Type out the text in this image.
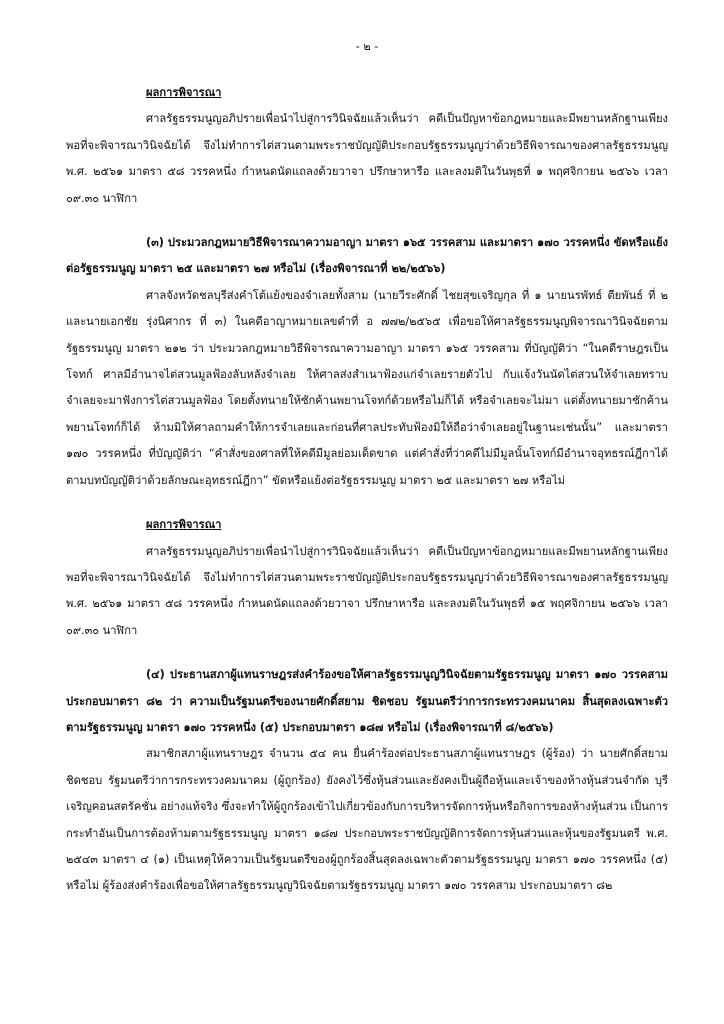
- ๒ -

ผลการพิจารณา

ศาลรัฐธรรมนูญอภิปรายเพื่อนำไปสู่การวินิจฉัยแล้วเห็นว่า คดีเป็นปัญหาข้อกฎหมายและมีพยานหลักฐานเพียงพอที่จะพิจารณาวินิจฉัยได้ จึงไม่ทำการไต่สวนตามพระราชบัญญัติประกอบรัฐธรรมนูญว่าด้วยวิธีพิจารณาของศาลรัฐธรรมนูญ พ.ศ. ๒๕๖๑ มาตรา ๕๘ วรรคหนึ่ง กำหนดนัดแถลงด้วยวาจา ปรึกษาหารือ และลงมติในวันพุธที่ ๑ พฤศจิกายน ๒๕๖๖ เวลา ๐๙.๓๐ นาฬิกา

(๓) ประมวลกฎหมายวิธีพิจารณาความอาญา มาตรา ๑๖๕ วรรคสาม และมาตรา ๑๗๐ วรรคหนึ่ง ขัดหรือแย้งต่อรัฐธรรมนูญ มาตรา ๒๕ และมาตรา ๒๗ หรือไม่ (เรื่องพิจารณาที่ ๒๒/๒๕๖๖)

ศาลจังหวัดชลบุรีส่งคำโต้แย้งของจำเลยทั้งสาม (นายวีระศักดิ์ ไชยสุขเจริญกุล ที่ ๑ นายนรพัทธ์ ตียพันธ์ ที่ ๒ และนายเอกชัย รุ่งนิศากร ที่ ๓) ในคดีอาญาหมายเลขดำที่ อ ๗๗๒/๒๕๖๕ เพื่อขอให้ศาลรัฐธรรมนูญพิจารณาวินิจฉัยตามรัฐธรรมนูญ มาตรา ๒๑๒ ว่า ประมวลกฎหมายวิธีพิจารณาความอาญา มาตรา ๑๖๕ วรรคสาม ที่บัญญัติว่า “ในคดีราษฎรเป็นโจทก์ ศาลมีอำนาจไต่สวนมูลฟ้องลับหลังจำเลย ให้ศาลส่งสำเนาฟ้องแก่จำเลยรายตัวไป กับแจ้งวันนัดไต่สวนให้จำเลยทราบ จำเลยจะมาฟังการไต่สวนมูลฟ้อง โดยตั้งทนายให้ซักค้านพยานโจทก์ด้วยหรือไม่ก็ได้ หรือจำเลยจะไม่มา แต่ตั้งทนายมาซักค้านพยานโจทก์ก็ได้ ห้ามมิให้ศาลถามคำให้การจำเลยและก่อนที่ศาลประทับฟ้องมิให้ถือว่าจำเลยอยู่ในฐานะเช่นนั้น” และมาตรา ๑๗๐ วรรคหนึ่ง ที่บัญญัติว่า “คำสั่งของศาลที่ให้คดีมีมูลย่อมเด็ดขาด แต่คำสั่งที่ว่าคดีไม่มีมูลนั้นโจทก์มีอำนาจอุทธรณ์ฎีกาได้ตามบทบัญญัติว่าด้วยลักษณะอุทธรณ์ฎีกา” ขัดหรือแย้งต่อรัฐธรรมนูญ มาตรา ๒๕ และมาตรา ๒๗ หรือไม่

ผลการพิจารณา

ศาลรัฐธรรมนูญอภิปรายเพื่อนำไปสู่การวินิจฉัยแล้วเห็นว่า คดีเป็นปัญหาข้อกฎหมายและมีพยานหลักฐานเพียงพอที่จะพิจารณาวินิจฉัยได้ จึงไม่ทำการไต่สวนตามพระราชบัญญัติประกอบรัฐธรรมนูญว่าด้วยวิธีพิจารณาของศาลรัฐธรรมนูญ พ.ศ. ๒๕๖๑ มาตรา ๕๘ วรรคหนึ่ง กำหนดนัดแถลงด้วยวาจา ปรึกษาหารือ และลงมติในวันพุธที่ ๑๕ พฤศจิกายน ๒๕๖๖ เวลา ๐๙.๓๐ นาฬิกา

(๔) ประธานสภาผู้แทนราษฎรส่งคำร้องขอให้ศาลรัฐธรรมนูญวินิจฉัยตามรัฐธรรมนูญ มาตรา ๑๗๐ วรรคสาม ประกอบมาตรา ๘๒ ว่า ความเป็นรัฐมนตรีของนายศักดิ์สยาม ชิดชอบ รัฐมนตรีว่าการกระทรวงคมนาคม สิ้นสุดลงเฉพาะตัวตามรัฐธรรมนูญ มาตรา ๑๗๐ วรรคหนึ่ง (๕) ประกอบมาตรา ๑๘๗ หรือไม่ (เรื่องพิจารณาที่ ๘/๒๕๖๖)

สมาชิกสภาผู้แทนราษฎร จำนวน ๕๔ คน ยื่นคำร้องต่อประธานสภาผู้แทนราษฎร (ผู้ร้อง) ว่า นายศักดิ์สยาม ชิดชอบ รัฐมนตรีว่าการกระทรวงคมนาคม (ผู้ถูกร้อง) ยังคงไว้ซึ่งหุ้นส่วนและยังคงเป็นผู้ถือหุ้นและเจ้าของห้างหุ้นส่วนจำกัด บุรีเจริญคอนสตรัคชั่น อย่างแท้จริง ซึ่งจะทำให้ผู้ถูกร้องเข้าไปเกี่ยวข้องกับการบริหารจัดการหุ้นหรือกิจการของห้างหุ้นส่วน เป็นการกระทำอันเป็นการต้องห้ามตามรัฐธรรมนูญ มาตรา ๑๘๗ ประกอบพระราชบัญญัติการจัดการหุ้นส่วนและหุ้นของรัฐมนตรี พ.ศ. ๒๕๔๓ มาตรา ๔ (๑) เป็นเหตุให้ความเป็นรัฐมนตรีของผู้ถูกร้องสิ้นสุดลงเฉพาะตัวตามรัฐธรรมนูญ มาตรา ๑๗๐ วรรคหนึ่ง (๕) หรือไม่ ผู้ร้องส่งคำร้องเพื่อขอให้ศาลรัฐธรรมนูญวินิจฉัยตามรัฐธรรมนูญ มาตรา ๑๗๐ วรรคสาม ประกอบมาตรา ๘๒
